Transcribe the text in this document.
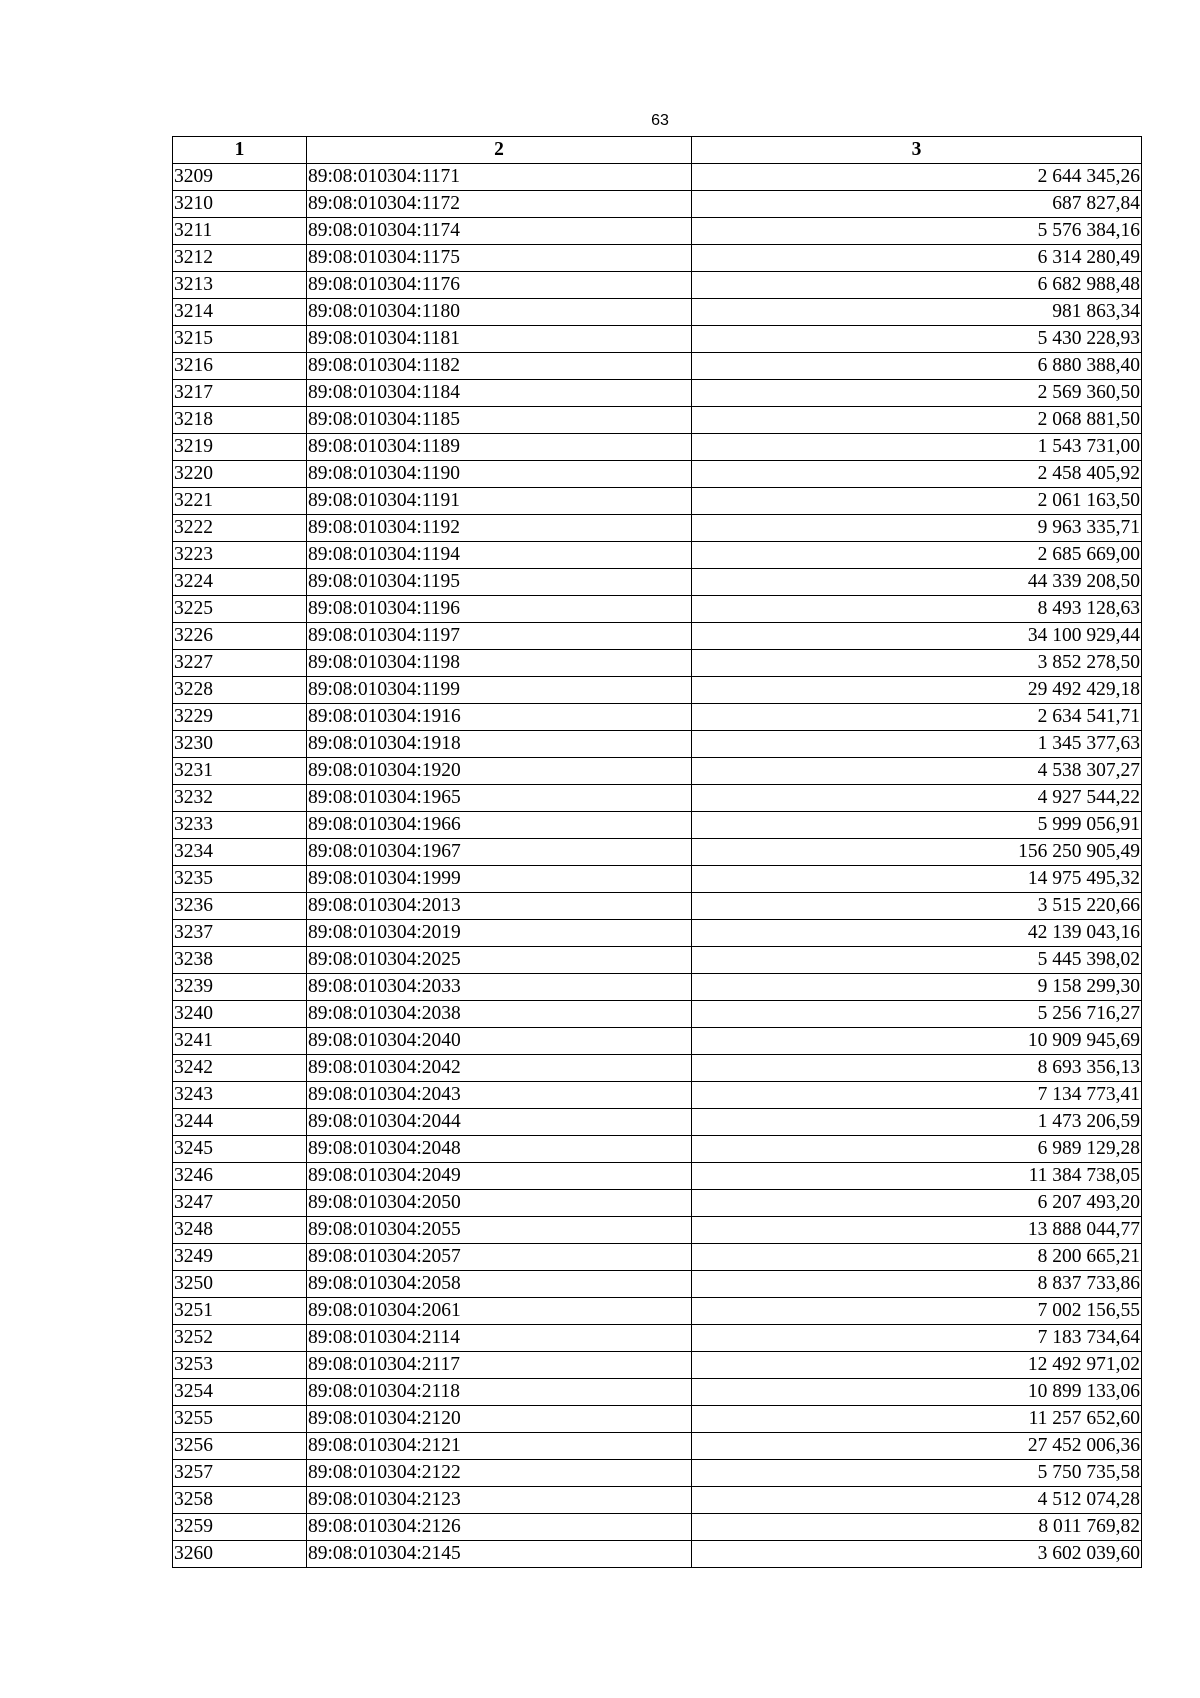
63
1	2	3
3209	89:08:010304:1171	2 644 345,26
3210	89:08:010304:1172	687 827,84
3211	89:08:010304:1174	5 576 384,16
3212	89:08:010304:1175	6 314 280,49
3213	89:08:010304:1176	6 682 988,48
3214	89:08:010304:1180	981 863,34
3215	89:08:010304:1181	5 430 228,93
3216	89:08:010304:1182	6 880 388,40
3217	89:08:010304:1184	2 569 360,50
3218	89:08:010304:1185	2 068 881,50
3219	89:08:010304:1189	1 543 731,00
3220	89:08:010304:1190	2 458 405,92
3221	89:08:010304:1191	2 061 163,50
3222	89:08:010304:1192	9 963 335,71
3223	89:08:010304:1194	2 685 669,00
3224	89:08:010304:1195	44 339 208,50
3225	89:08:010304:1196	8 493 128,63
3226	89:08:010304:1197	34 100 929,44
3227	89:08:010304:1198	3 852 278,50
3228	89:08:010304:1199	29 492 429,18
3229	89:08:010304:1916	2 634 541,71
3230	89:08:010304:1918	1 345 377,63
3231	89:08:010304:1920	4 538 307,27
3232	89:08:010304:1965	4 927 544,22
3233	89:08:010304:1966	5 999 056,91
3234	89:08:010304:1967	156 250 905,49
3235	89:08:010304:1999	14 975 495,32
3236	89:08:010304:2013	3 515 220,66
3237	89:08:010304:2019	42 139 043,16
3238	89:08:010304:2025	5 445 398,02
3239	89:08:010304:2033	9 158 299,30
3240	89:08:010304:2038	5 256 716,27
3241	89:08:010304:2040	10 909 945,69
3242	89:08:010304:2042	8 693 356,13
3243	89:08:010304:2043	7 134 773,41
3244	89:08:010304:2044	1 473 206,59
3245	89:08:010304:2048	6 989 129,28
3246	89:08:010304:2049	11 384 738,05
3247	89:08:010304:2050	6 207 493,20
3248	89:08:010304:2055	13 888 044,77
3249	89:08:010304:2057	8 200 665,21
3250	89:08:010304:2058	8 837 733,86
3251	89:08:010304:2061	7 002 156,55
3252	89:08:010304:2114	7 183 734,64
3253	89:08:010304:2117	12 492 971,02
3254	89:08:010304:2118	10 899 133,06
3255	89:08:010304:2120	11 257 652,60
3256	89:08:010304:2121	27 452 006,36
3257	89:08:010304:2122	5 750 735,58
3258	89:08:010304:2123	4 512 074,28
3259	89:08:010304:2126	8 011 769,82
3260	89:08:010304:2145	3 602 039,60
